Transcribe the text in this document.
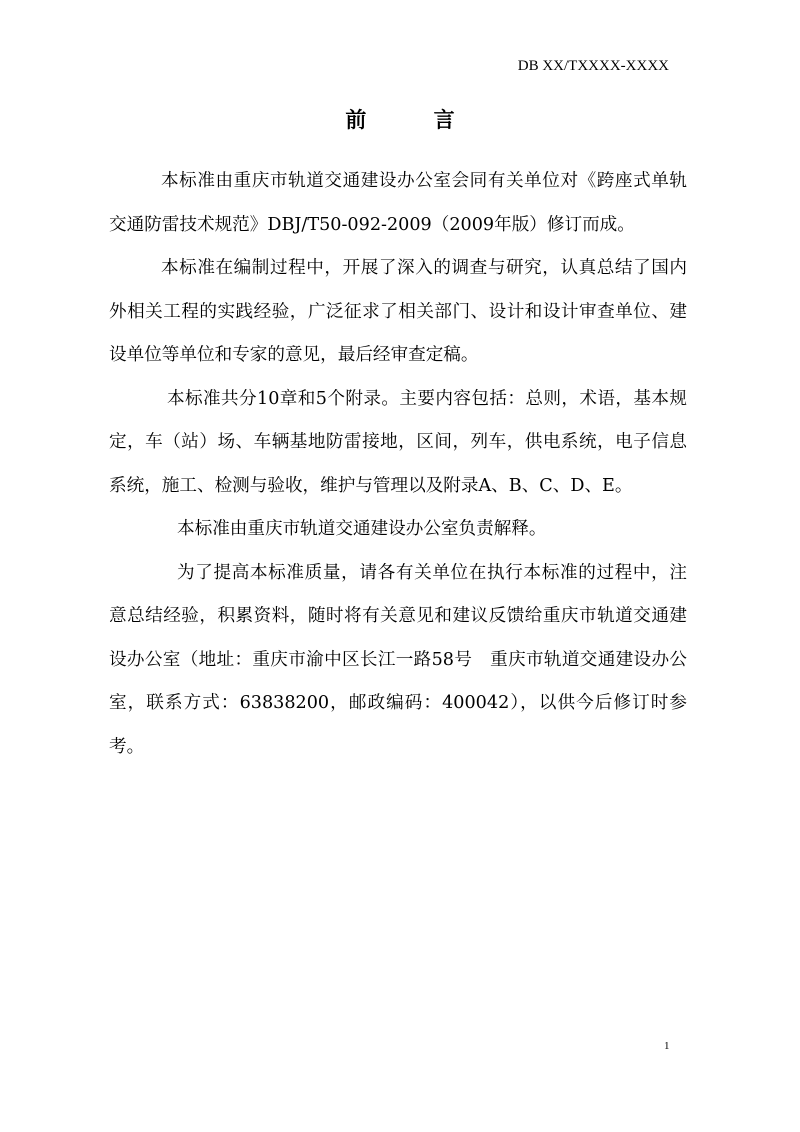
DB XX/TXXXX-XXXX
前 言

本标准由重庆市轨道交通建设办公室会同有关单位对《跨座式单轨交通防雷技术规范》DBJ/T50-092-2009（2009年版）修订而成。

本标准在编制过程中，开展了深入的调查与研究，认真总结了国内外相关工程的实践经验，广泛征求了相关部门、设计和设计审查单位、建设单位等单位和专家的意见，最后经审查定稿。

本标准共分10章和5个附录。主要内容包括：总则，术语，基本规定，车（站）场、车辆基地防雷接地，区间，列车，供电系统，电子信息系统，施工、检测与验收，维护与管理以及附录A、B、C、D、E。

本标准由重庆市轨道交通建设办公室负责解释。

为了提高本标准质量，请各有关单位在执行本标准的过程中，注意总结经验，积累资料，随时将有关意见和建议反馈给重庆市轨道交通建设办公室（地址：重庆市渝中区长江一路58号　重庆市轨道交通建设办公室，联系方式：63838200，邮政编码：400042），以供今后修订时参考。

1
